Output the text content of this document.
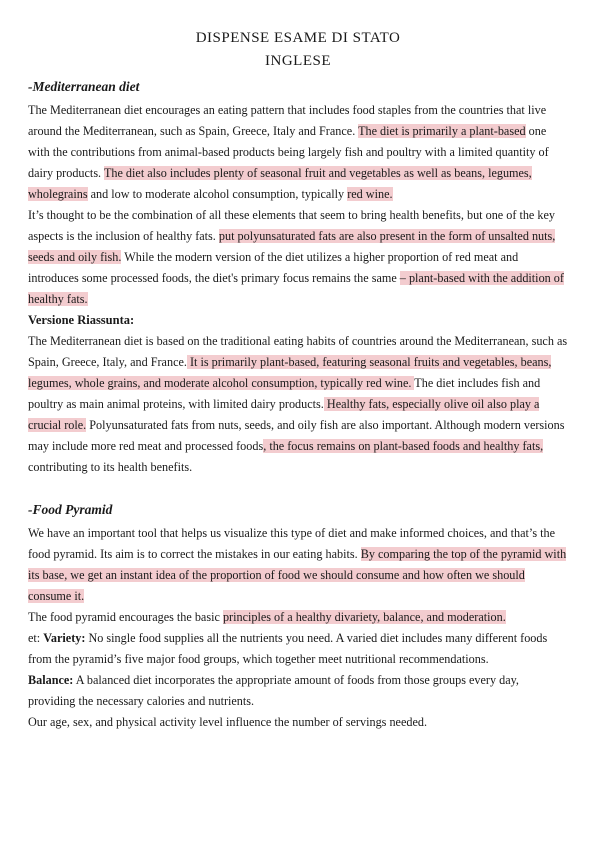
DISPENSE ESAME DI STATO
INGLESE
-Mediterranean diet

The Mediterranean diet encourages an eating pattern that includes food staples from the countries that live around the Mediterranean, such as Spain, Greece, Italy and France. The diet is primarily a plant-based one with the contributions from animal-based products being largely fish and poultry with a limited quantity of dairy products. The diet also includes plenty of seasonal fruit and vegetables as well as beans, legumes, wholegrains and low to moderate alcohol consumption, typically red wine.

It’s thought to be the combination of all these elements that seem to bring health benefits, but one of the key aspects is the inclusion of healthy fats. put polyunsaturated fats are also present in the form of unsalted nuts, seeds and oily fish. While the modern version of the diet utilizes a higher proportion of red meat and introduces some processed foods, the diet's primary focus remains the same – plant-based with the addition of healthy fats.

Versione Riassunta:

The Mediterranean diet is based on the traditional eating habits of countries around the Mediterranean, such as Spain, Greece, Italy, and France. It is primarily plant-based, featuring seasonal fruits and vegetables, beans, legumes, whole grains, and moderate alcohol consumption, typically red wine. The diet includes fish and poultry as main animal proteins, with limited dairy products. Healthy fats, especially olive oil also play a crucial role. Polyunsaturated fats from nuts, seeds, and oily fish are also important. Although modern versions may include more red meat and processed foods, the focus remains on plant-based foods and healthy fats, contributing to its health benefits.

-Food Pyramid

We have an important tool that helps us visualize this type of diet and make informed choices, and that’s the food pyramid. Its aim is to correct the mistakes in our eating habits. By comparing the top of the pyramid with its base, we get an instant idea of the proportion of food we should consume and how often we should consume it.

The food pyramid encourages the basic principles of a healthy divariety, balance, and moderation.

et: Variety: No single food supplies all the nutrients you need. A varied diet includes many different foods from the pyramid’s five major food groups, which together meet nutritional recommendations.

Balance: A balanced diet incorporates the appropriate amount of foods from those groups every day, providing the necessary calories and nutrients.

Our age, sex, and physical activity level influence the number of servings needed.
